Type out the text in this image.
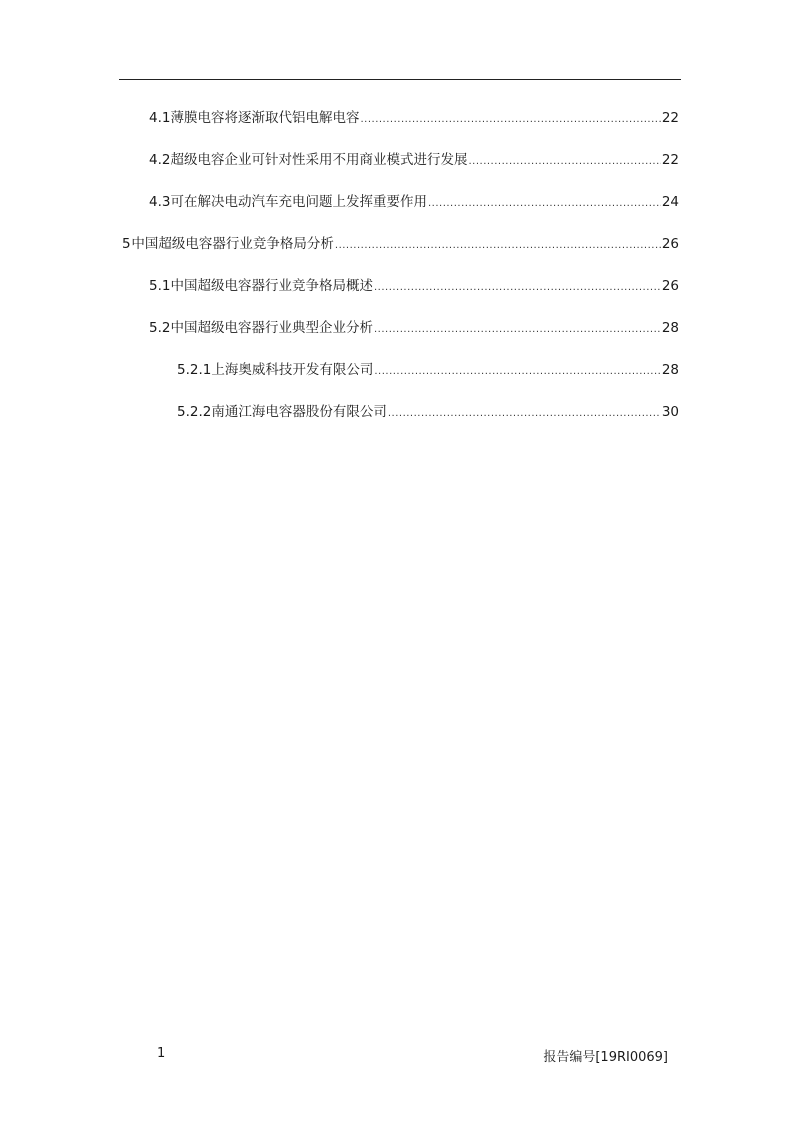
4.1 薄膜电容将逐渐取代铝电解电容 .....	22
4.2 超级电容企业可针对性采用不用商业模式进行发展 .....	22
4.3 可在解决电动汽车充电问题上发挥重要作用 .....	24
5 中国超级电容器行业竞争格局分析 .....	26
5.1 中国超级电容器行业竞争格局概述 .....	26
5.2 中国超级电容器行业典型企业分析 .....	28
5.2.1 上海奥威科技开发有限公司 .....	28
5.2.2 南通江海电容器股份有限公司 .....	30
1	报告编号[19RI0069]
